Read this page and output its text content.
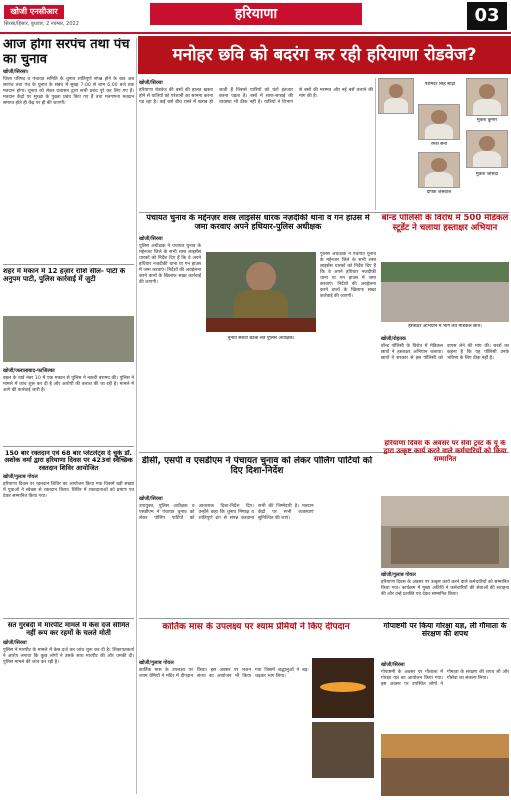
खोजी एनसीआर
सिरसा/हिसार, बुधवार, 2 नवम्बर, 2022
हरियाणा	03
मनोहर छवि को बदरंग कर रही हरियाणा रोडवेज?
आज होगा सरपंच तथा पंच का चुनाव
खोजी/सिरसा।
जिला परिषद व पंचायत समिति के चुनाव शांतिपूर्ण संपन्न होने के बाद अब सरपंच तथा पंच के चुनाव के संबंध में सुबह 7:00 से शाम 6:00 बजे तक मतदान होगा। चुनाव को लेकर प्रशासन द्वारा सभी प्रबंध पूरे कर लिए गए हैं। मतदान केंद्रों पर सुरक्षा के पुख्ता प्रबंध किए गए हैं तथा मतगणना मतदान समाप्त होते ही केंद्र पर ही की जाएगी।
शहर में मकान में 12 हज़ार राशि सील- पार्टी के अनुपम पाटी, पुलिस कार्रवाई में जुटी
खोजी/जलालाबाद-फाजिल्का
बहल के वार्ड नंबर 10 में एक मकान से पुलिस ने नकदी बरामद की। पुलिस ने मामले में जांच शुरू कर दी है और आरोपी की तलाश की जा रही है। मामले में आगे की कार्रवाई जारी है।
150 बार रक्तदान एवं 68 बार प्लेटलेट्स दे चुके डॉ. अशोक वर्मा द्वारा हरियाणा दिवस पर 423वां स्वैच्छिक रक्तदान शिविर आयोजित
खोजी/गुलाब गोयल
हरियाणा दिवस पर रक्तदान शिविर का आयोजन किया गया जिसमें बड़ी संख्या में युवाओं ने स्वेच्छा से रक्तदान किया। शिविर में रक्तदाताओं को प्रमाण पत्र देकर सम्मानित किया गया।
संत गुरबंदी में मारपीट मामले में केस दर्ज सीमित नहीं रूप कर रहमों के चलते मोती
खोजी/सिरसा
पुलिस ने मारपीट के मामले में केस दर्ज कर जांच शुरू कर दी है। शिकायतकर्ता ने आरोप लगाया कि कुछ लोगों ने उसके साथ मारपीट की और धमकी दी। पुलिस मामले की जांच कर रही है।
खोजी/सिरसा
हरियाणा रोडवेज की बसों की हालत खस्ता होने से यात्रियों को परेशानी का सामना करना पड़ रहा है। कई बसें बीच रास्ते में खराब हो जाती हैं जिससे यात्रियों को घंटों इंतजार करना पड़ता है। बसों में साफ-सफाई की व्यवस्था भी ठीक नहीं है। यात्रियों ने विभाग से बसों की मरम्मत और नई बसें चलाने की मांग की है।
परमिंदर सिंह सोढ़ी
मुकेश कुमार
रमेश सैनी
दीपक जसवाल
मुकेश जसिदा
पंचायत चुनाव के मद्देनज़र शस्त्र लाइसेंस धारक नज़दीकी थाना व गन हाउस में जमा करवाए अपने हथियार-पुलिस अधीक्षक
खोजी/सिरसा
पुलिस अधीक्षक ने पंचायत चुनाव के मद्देनजर जिले के सभी शस्त्र लाइसेंस धारकों को निर्देश दिए हैं कि वे अपने हथियार नजदीकी थाना या गन हाउस में जमा करवाएं। निर्देशों की अवहेलना करने वालों के खिलाफ सख्त कार्रवाई की जाएगी।
चुनाव संबंधी बैठक लेते पुलिस अधीक्षक।
पुलिस अधीक्षक ने पंचायत चुनाव के मद्देनजर जिले के सभी शस्त्र लाइसेंस धारकों को निर्देश दिए हैं कि वे अपने हथियार नजदीकी थाना या गन हाउस में जमा करवाएं। निर्देशों की अवहेलना करने वालों के खिलाफ सख्त कार्रवाई की जाएगी।
बॉन्ड पॉलिसी के विरोध में 500 मेडिकल स्टूडेंट ने चलाया हस्ताक्षर अभियान
हस्ताक्षर अभियान में भाग लेते मेडिकल छात्र।
खोजी/रोहतक
बॉन्ड पॉलिसी के विरोध में मेडिकल छात्रों ने हस्ताक्षर अभियान चलाया। छात्रों ने सरकार से इस पॉलिसी को वापस लेने की मांग की। छात्रों का कहना है कि यह पॉलिसी उनके भविष्य के लिए ठीक नहीं है।
डीसी, एसपी व एसडीएम ने पंचायत चुनाव को लेकर पोलिंग पार्टियों को दिए दिशा-निर्देश
खोजी/सिरसा
उपायुक्त, पुलिस अधीक्षक व एसडीएम ने पंचायत चुनाव को लेकर पोलिंग पार्टियों को आवश्यक दिशा-निर्देश दिए। उन्होंने कहा कि चुनाव निष्पक्ष व शांतिपूर्ण ढंग से संपन्न करवाना सभी की जिम्मेदारी है। मतदान केंद्रों पर सभी व्यवस्थाएं सुनिश्चित की जाएं।
हरियाणा दिवस के अवसर पर सेवा ट्रस्ट के यू के द्वारा उत्कृष्ट कार्य करने वाले कर्मचारियों को किया सम्मानित
खोजी/गुलाब गोयल
हरियाणा दिवस के अवसर पर उत्कृष्ट कार्य करने वाले कर्मचारियों को सम्मानित किया गया। कार्यक्रम में मुख्य अतिथि ने कर्मचारियों की सेवाओं की सराहना की और उन्हें प्रशस्ति पत्र देकर सम्मानित किया।
कार्तिक मास के उपलक्ष्य पर श्याम प्रेमियों ने किए दीपदान
खोजी/गुलाब गोयल
कार्तिक मास के उपलक्ष्य पर श्याम प्रेमियों ने मंदिर में दीपदान किया। इस अवसर पर भजन संध्या का आयोजन भी किया गया जिसमें श्रद्धालुओं ने बढ़-चढ़कर भाग लिया।
गोपाष्टमी पर किया गोरक्षा यज्ञ, ली गौमाता के संरक्षण की शपथ
खोजी/सिरसा
गोपाष्टमी के अवसर पर गौशाला में गोरक्षा यज्ञ का आयोजन किया गया। इस अवसर पर उपस्थित लोगों ने गौमाता के संरक्षण की शपथ ली और गौसेवा का संकल्प लिया।
